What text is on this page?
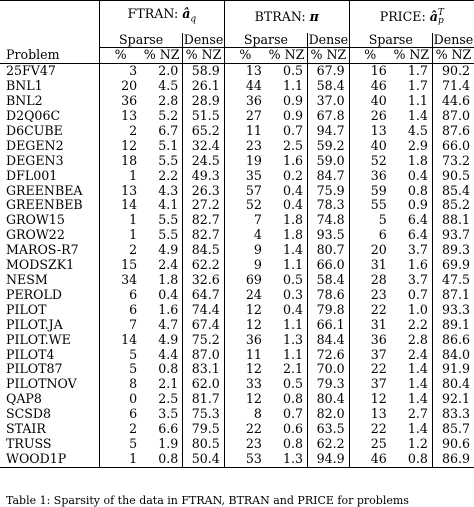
	FTRAN: $â_q$			BTRAN: π			PRICE: â T
p		

	Sparse		Dense	Sparse		Dense	Sparse		Dense
Problem	%	% NZ	% NZ	%	% NZ	% NZ	%	% NZ	% NZ
25FV47	3	2.0	58.9	13	0.5	67.9	16	1.7	90.2
BNL1	20	4.5	26.1	44	1.1	58.4	46	1.7	71.4
BNL2	36	2.8	28.9	36	0.9	37.0	40	1.1	44.6
D2Q06C	13	5.2	51.5	27	0.9	67.8	26	1.4	87.0
D6CUBE	2	6.7	65.2	11	0.7	94.7	13	4.5	87.6
DEGEN2	12	5.1	32.4	23	2.5	59.2	40	2.9	66.0
DEGEN3	18	5.5	24.5	19	1.6	59.0	52	1.8	73.2
DFL001	1	2.2	49.3	35	0.2	84.7	36	0.4	90.5
GREENBEA	13	4.3	26.3	57	0.4	75.9	59	0.8	85.4
GREENBEB	14	4.1	27.2	52	0.4	78.3	55	0.9	85.2
GROW15	1	5.5	82.7	7	1.8	74.8	5	6.4	88.1
GROW22	1	5.5	82.7	4	1.8	93.5	6	6.4	93.7
MAROS-R7	2	4.9	84.5	9	1.4	80.7	20	3.7	89.3
MODSZK1	15	2.4	62.2	9	1.1	66.0	31	1.6	69.9
NESM	34	1.8	32.6	69	0.5	58.4	28	3.7	47.5
PEROLD	6	0.4	64.7	24	0.3	78.6	23	0.7	87.1
PILOT	6	1.6	74.4	12	0.4	79.8	22	1.0	93.3
PILOT.JA	7	4.7	67.4	12	1.1	66.1	31	2.2	89.1
PILOT.WE	14	4.9	75.2	36	1.3	84.4	36	2.8	86.6
PILOT4	5	4.4	87.0	11	1.1	72.6	37	2.4	84.0
PILOT87	5	0.8	83.1	12	2.1	70.0	22	1.4	91.9
PILOTNOV	8	2.1	62.0	33	0.5	79.3	37	1.4	80.4
QAP8	0	2.5	81.7	12	0.8	80.4	12	1.4	92.1
SCSD8	6	3.5	75.3	8	0.7	82.0	13	2.7	83.3
STAIR	2	6.6	79.5	22	0.6	63.5	22	1.4	85.7
TRUSS	5	1.9	80.5	23	0.8	62.2	25	1.2	90.6
WOOD1P	1	0.8	50.4	53	1.3	94.9	46	0.8	86.9
Table 1: Sparsity of the data in FTRAN, BTRAN and PRICE for problems
